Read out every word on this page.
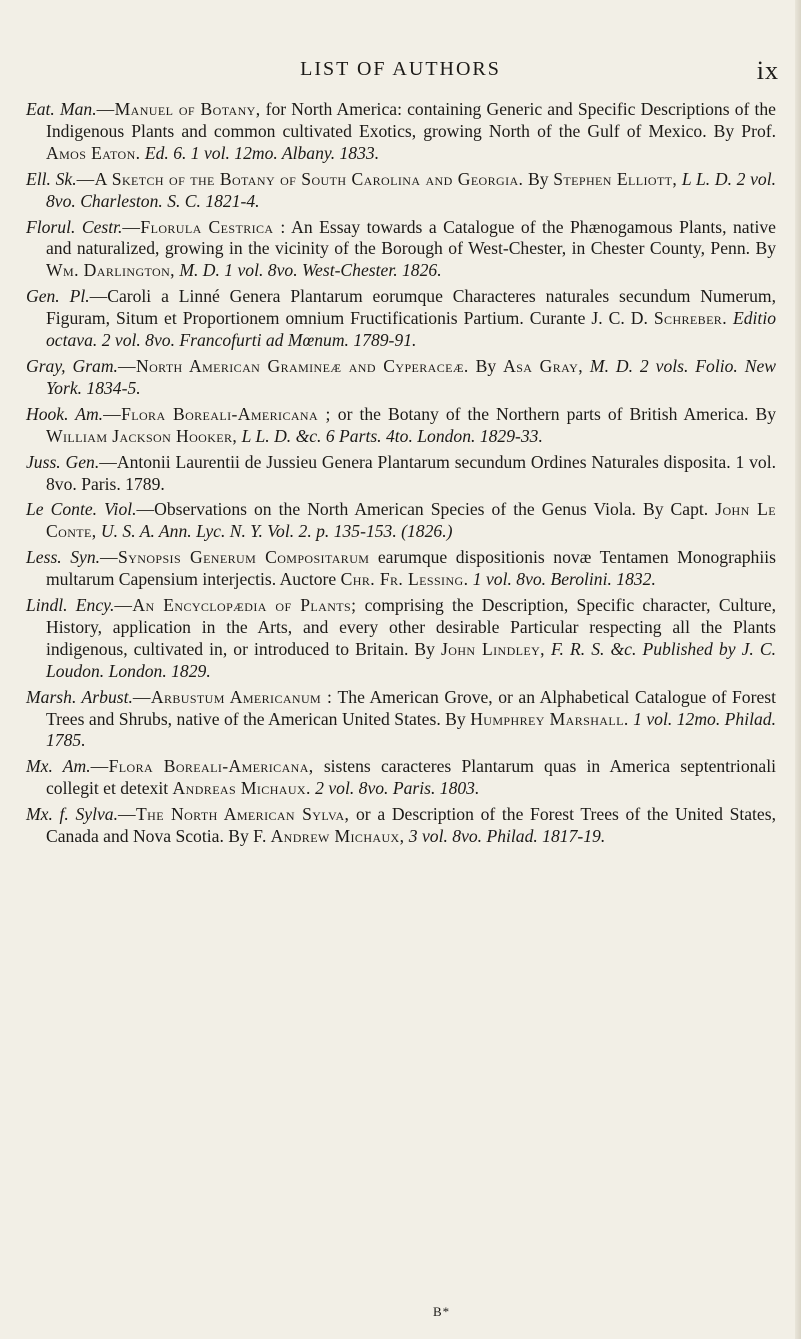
LIST OF AUTHORS	ix

Eat. Man.—Manuel of Botany, for North America: containing Generic and Specific Descriptions of the Indigenous Plants and common cultivated Exotics, growing North of the Gulf of Mexico. By Prof. Amos Eaton. Ed. 6. 1 vol. 12mo. Albany. 1833.

Ell. Sk.—A Sketch of the Botany of South Carolina and Georgia. By Stephen Elliott, L L. D. 2 vol. 8vo. Charleston. S. C. 1821-4.

Florul. Cestr.—Florula Cestrica : An Essay towards a Catalogue of the Phænogamous Plants, native and naturalized, growing in the vicinity of the Borough of West-Chester, in Chester County, Penn. By Wm. Darlington, M. D. 1 vol. 8vo. West-Chester. 1826.

Gen. Pl.—Caroli a Linné Genera Plantarum eorumque Characteres naturales secundum Numerum, Figuram, Situm et Proportionem omnium Fructificationis Partium. Curante J. C. D. Schreber. Editio octava. 2 vol. 8vo. Francofurti ad Mœnum. 1789-91.

Gray, Gram.—North American Gramineæ and Cyperaceæ. By Asa Gray, M. D. 2 vols. Folio. New York. 1834-5.

Hook. Am.—Flora Boreali-Americana ; or the Botany of the Northern parts of British America. By William Jackson Hooker, L L. D. &c. 6 Parts. 4to. London. 1829-33.

Juss. Gen.—Antonii Laurentii de Jussieu Genera Plantarum secundum Ordines Naturales disposita. 1 vol. 8vo. Paris. 1789.

Le Conte. Viol.—Observations on the North American Species of the Genus Viola. By Capt. John Le Conte, U. S. A. Ann. Lyc. N. Y. Vol. 2. p. 135-153. (1826.)

Less. Syn.—Synopsis Generum Compositarum earumque dispositionis novæ Tentamen Monographiis multarum Capensium interjectis. Auctore Chr. Fr. Lessing. 1 vol. 8vo. Berolini. 1832.

Lindl. Ency.—An Encyclopædia of Plants; comprising the Description, Specific character, Culture, History, application in the Arts, and every other desirable Particular respecting all the Plants indigenous, cultivated in, or introduced to Britain. By John Lindley, F. R. S. &c. Published by J. C. Loudon. London. 1829.

Marsh. Arbust.—Arbustum Americanum : The American Grove, or an Alphabetical Catalogue of Forest Trees and Shrubs, native of the American United States. By Humphrey Marshall. 1 vol. 12mo. Philad. 1785.

Mx. Am.—Flora Boreali-Americana, sistens caracteres Plantarum quas in America septentrionali collegit et detexit Andreas Michaux. 2 vol. 8vo. Paris. 1803.

Mx. f. Sylva.—The North American Sylva, or a Description of the Forest Trees of the United States, Canada and Nova Scotia. By F. Andrew Michaux, 3 vol. 8vo. Philad. 1817-19.

B*
